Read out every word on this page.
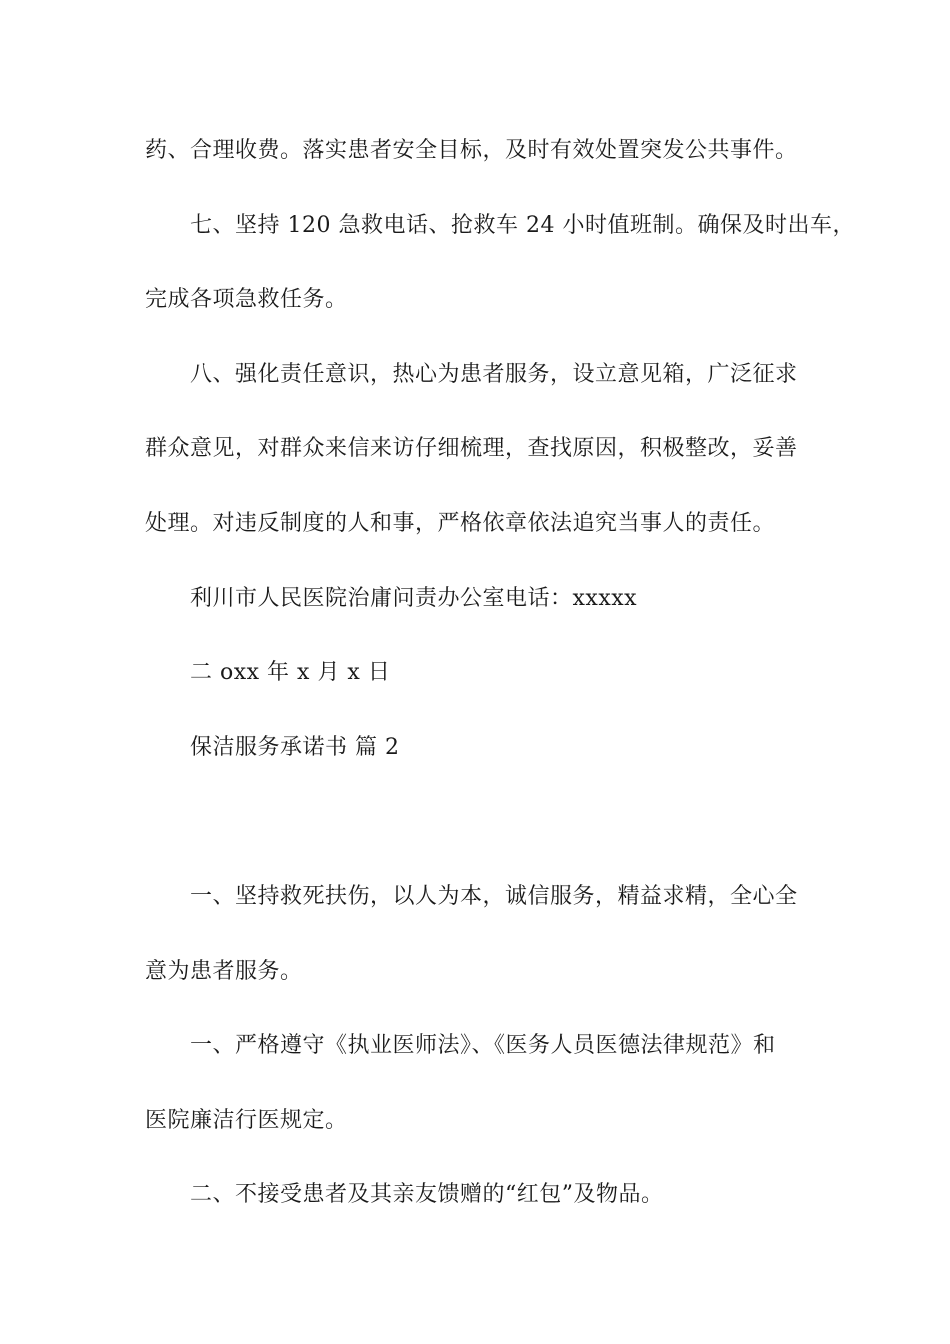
药、合理收费。落实患者安全目标，及时有效处置突发公共事件。
七、坚持 120 急救电话、抢救车 24 小时值班制。确保及时出车，
完成各项急救任务。
八、强化责任意识，热心为患者服务，设立意见箱，广泛征求
群众意见，对群众来信来访仔细梳理，查找原因，积极整改，妥善
处理。对违反制度的人和事，严格依章依法追究当事人的责任。
利川市人民医院治庸问责办公室电话：xxxxx
二 oxx 年 x 月 x 日
保洁服务承诺书 篇 2
一、坚持救死扶伤，以人为本，诚信服务，精益求精，全心全
意为患者服务。
一、严格遵守《执业医师法》、《医务人员医德法律规范》和
医院廉洁行医规定。
二、不接受患者及其亲友馈赠的“红包”及物品。
